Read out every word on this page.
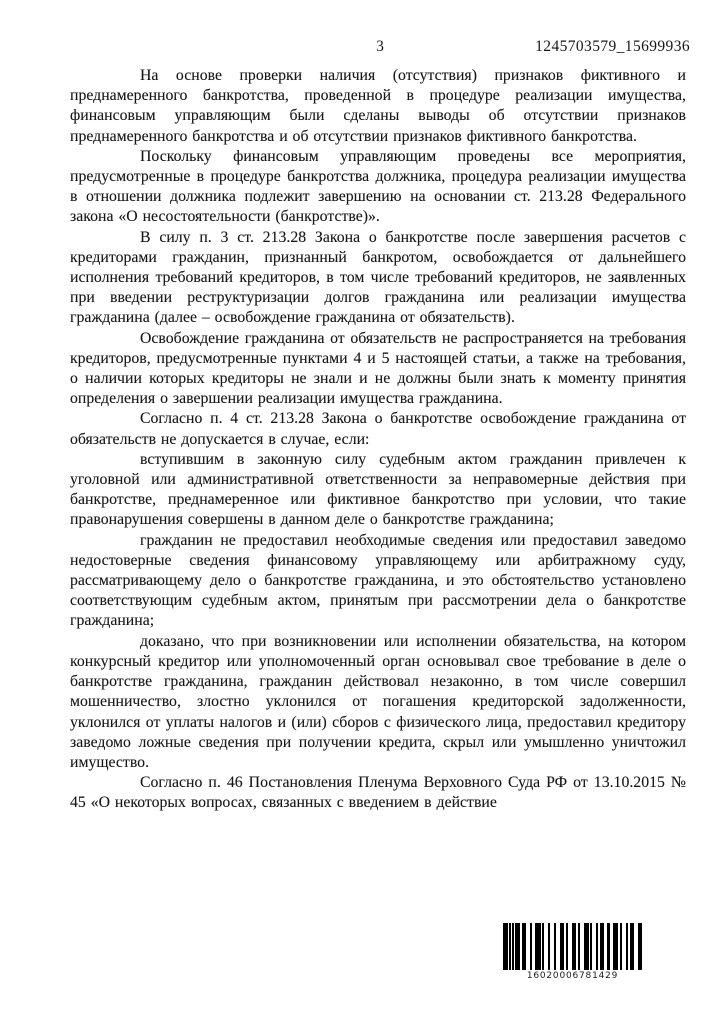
3	1245703579_15699936

На основе проверки наличия (отсутствия) признаков фиктивного и преднамеренного банкротства, проведенной в процедуре реализации имущества, финансовым управляющим были сделаны выводы об отсутствии признаков преднамеренного банкротства и об отсутствии признаков фиктивного банкротства.

Поскольку финансовым управляющим проведены все мероприятия, предусмотренные в процедуре банкротства должника, процедура реализации имущества в отношении должника подлежит завершению на основании ст. 213.28 Федерального закона «О несостоятельности (банкротстве)».

В силу п. 3 ст. 213.28 Закона о банкротстве после завершения расчетов с кредиторами гражданин, признанный банкротом, освобождается от дальнейшего исполнения требований кредиторов, в том числе требований кредиторов, не заявленных при введении реструктуризации долгов гражданина или реализации имущества гражданина (далее – освобождение гражданина от обязательств).

Освобождение гражданина от обязательств не распространяется на требования кредиторов, предусмотренные пунктами 4 и 5 настоящей статьи, а также на требования, о наличии которых кредиторы не знали и не должны были знать к моменту принятия определения о завершении реализации имущества гражданина.

Согласно п. 4 ст. 213.28 Закона о банкротстве освобождение гражданина от обязательств не допускается в случае, если:

вступившим в законную силу судебным актом гражданин привлечен к уголовной или административной ответственности за неправомерные действия при банкротстве, преднамеренное или фиктивное банкротство при условии, что такие правонарушения совершены в данном деле о банкротстве гражданина;

гражданин не предоставил необходимые сведения или предоставил заведомо недостоверные сведения финансовому управляющему или арбитражному суду, рассматривающему дело о банкротстве гражданина, и это обстоятельство установлено соответствующим судебным актом, принятым при рассмотрении дела о банкротстве гражданина;

доказано, что при возникновении или исполнении обязательства, на котором конкурсный кредитор или уполномоченный орган основывал свое требование в деле о банкротстве гражданина, гражданин действовал незаконно, в том числе совершил мошенничество, злостно уклонился от погашения кредиторской задолженности, уклонился от уплаты налогов и (или) сборов с физического лица, предоставил кредитору заведомо ложные сведения при получении кредита, скрыл или умышленно уничтожил имущество.

Согласно п. 46 Постановления Пленума Верховного Суда РФ от 13.10.2015 № 45 «О некоторых вопросах, связанных с введением в действие

16020006781429
